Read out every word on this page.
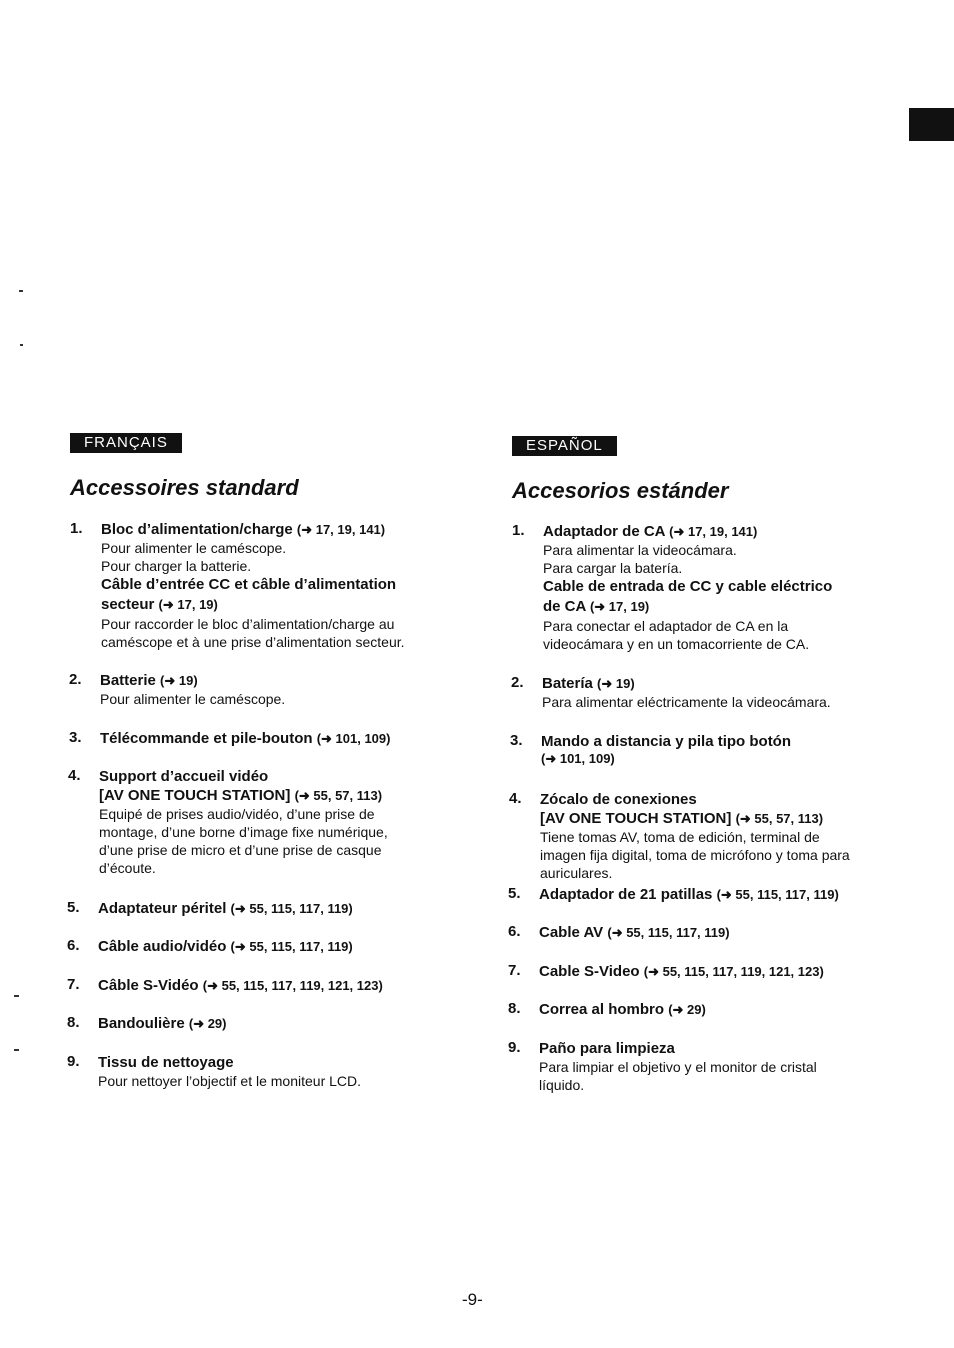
FRANÇAIS
Accessoires standard
1. Bloc d’alimentation/charge (➜ 17, 19, 141)
Pour alimenter le caméscope.
Pour charger la batterie.
Câble d’entrée CC et câble d’alimentation
secteur (➜ 17, 19)
Pour raccorder le bloc d’alimentation/charge au
caméscope et à une prise d’alimentation secteur.
2. Batterie (➜ 19)
Pour alimenter le caméscope.
3. Télécommande et pile-bouton (➜ 101, 109)
4. Support d’accueil vidéo
[AV ONE TOUCH STATION] (➜ 55, 57, 113)
Equipé de prises audio/vidéo, d’une prise de
montage, d’une borne d’image fixe numérique,
d’une prise de micro et d’une prise de casque
d’écoute.
5. Adaptateur péritel (➜ 55, 115, 117, 119)
6. Câble audio/vidéo (➜ 55, 115, 117, 119)
7. Câble S-Vidéo (➜ 55, 115, 117, 119, 121, 123)
8. Bandoulière (➜ 29)
9. Tissu de nettoyage
Pour nettoyer l’objectif et le moniteur LCD.
ESPAÑOL
Accesorios estánder
1. Adaptador de CA (➜ 17, 19, 141)
Para alimentar la videocámara.
Para cargar la batería.
Cable de entrada de CC y cable eléctrico
de CA (➜ 17, 19)
Para conectar el adaptador de CA en la
videocámara y en un tomacorriente de CA.
2. Batería (➜ 19)
Para alimentar eléctricamente la videocámara.
3. Mando a distancia y pila tipo botón
(➜ 101, 109)
4. Zócalo de conexiones
[AV ONE TOUCH STATION] (➜ 55, 57, 113)
Tiene tomas AV, toma de edición, terminal de
imagen fija digital, toma de micrófono y toma para
auriculares.
5. Adaptador de 21 patillas (➜ 55, 115, 117, 119)
6. Cable AV (➜ 55, 115, 117, 119)
7. Cable S-Video (➜ 55, 115, 117, 119, 121, 123)
8. Correa al hombro (➜ 29)
9. Paño para limpieza
Para limpiar el objetivo y el monitor de cristal
líquido.
-9-
